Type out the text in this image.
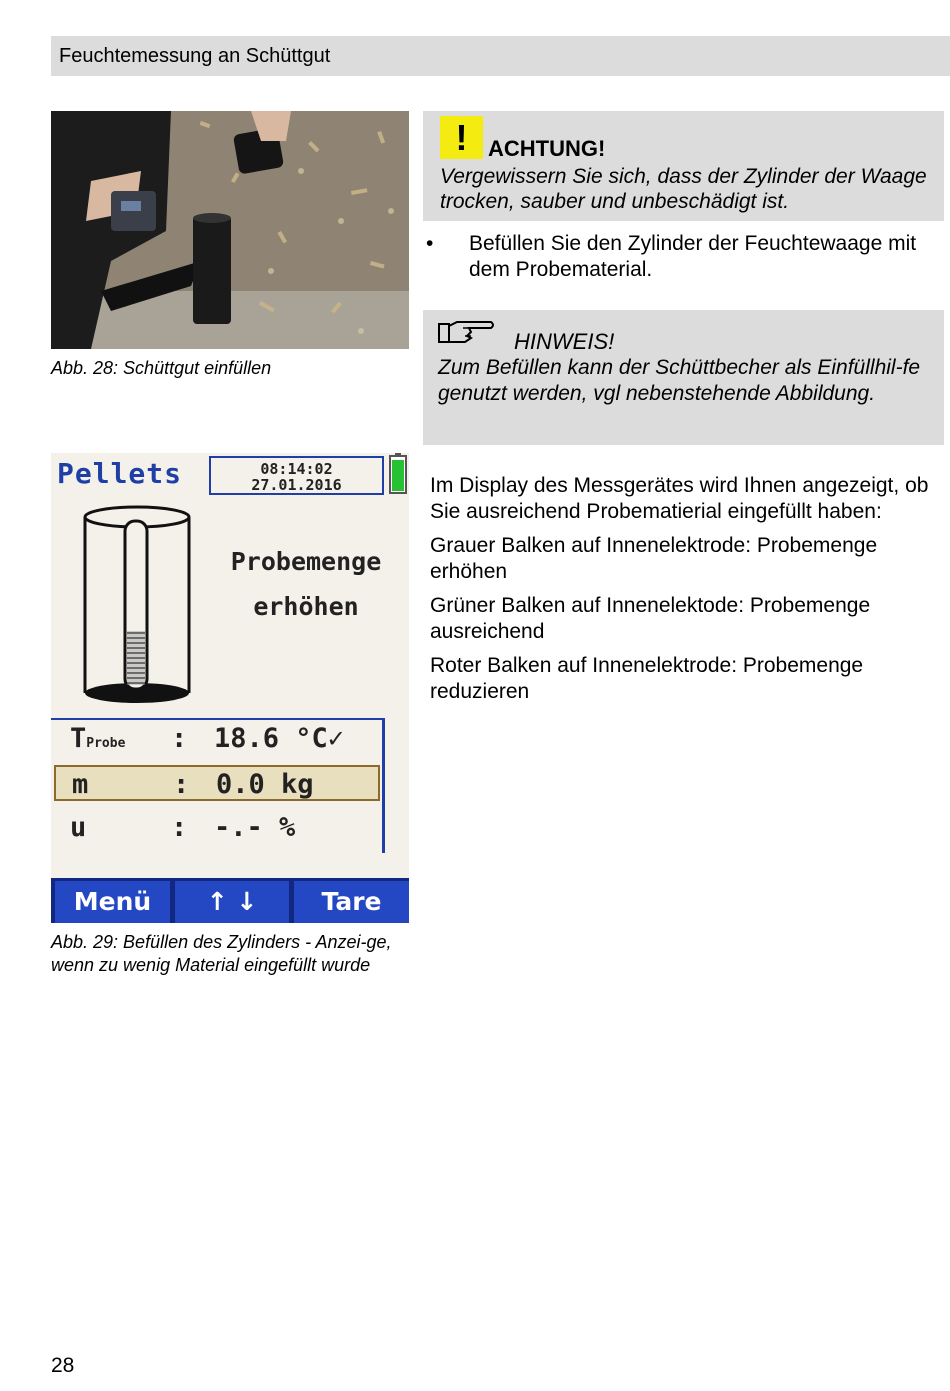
Feuchtemessung an Schüttgut
Abb. 28: Schüttgut einfüllen
! ACHTUNG!
Vergewissern Sie sich, dass der Zylinder der Waage trocken, sauber und unbeschädigt ist.
• Befüllen Sie den Zylinder der Feuchtewaage mit dem Probematerial.
HINWEIS!
Zum Befüllen kann der Schüttbecher als Einfüllhil-fe genutzt werden, vgl nebenstehende Abbildung.
Pellets	08:14:02
27.01.2016
Probemenge
erhöhen
TProbe : 18.6 °C✓
m	: 0.0 kg
u	: -.- %
Menü	↑ ↓	Tare
Abb. 29: Befüllen des Zylinders - Anzei-ge, wenn zu wenig Material eingefüllt wurde

Im Display des Messgerätes wird Ihnen angezeigt, ob Sie ausreichend Probematierial eingefüllt haben:

Grauer Balken auf Innenelektrode: Probemenge erhöhen

Grüner Balken auf Innenelektode: Probemenge ausreichend

Roter Balken auf Innenelektrode: Probemenge reduzieren

28
